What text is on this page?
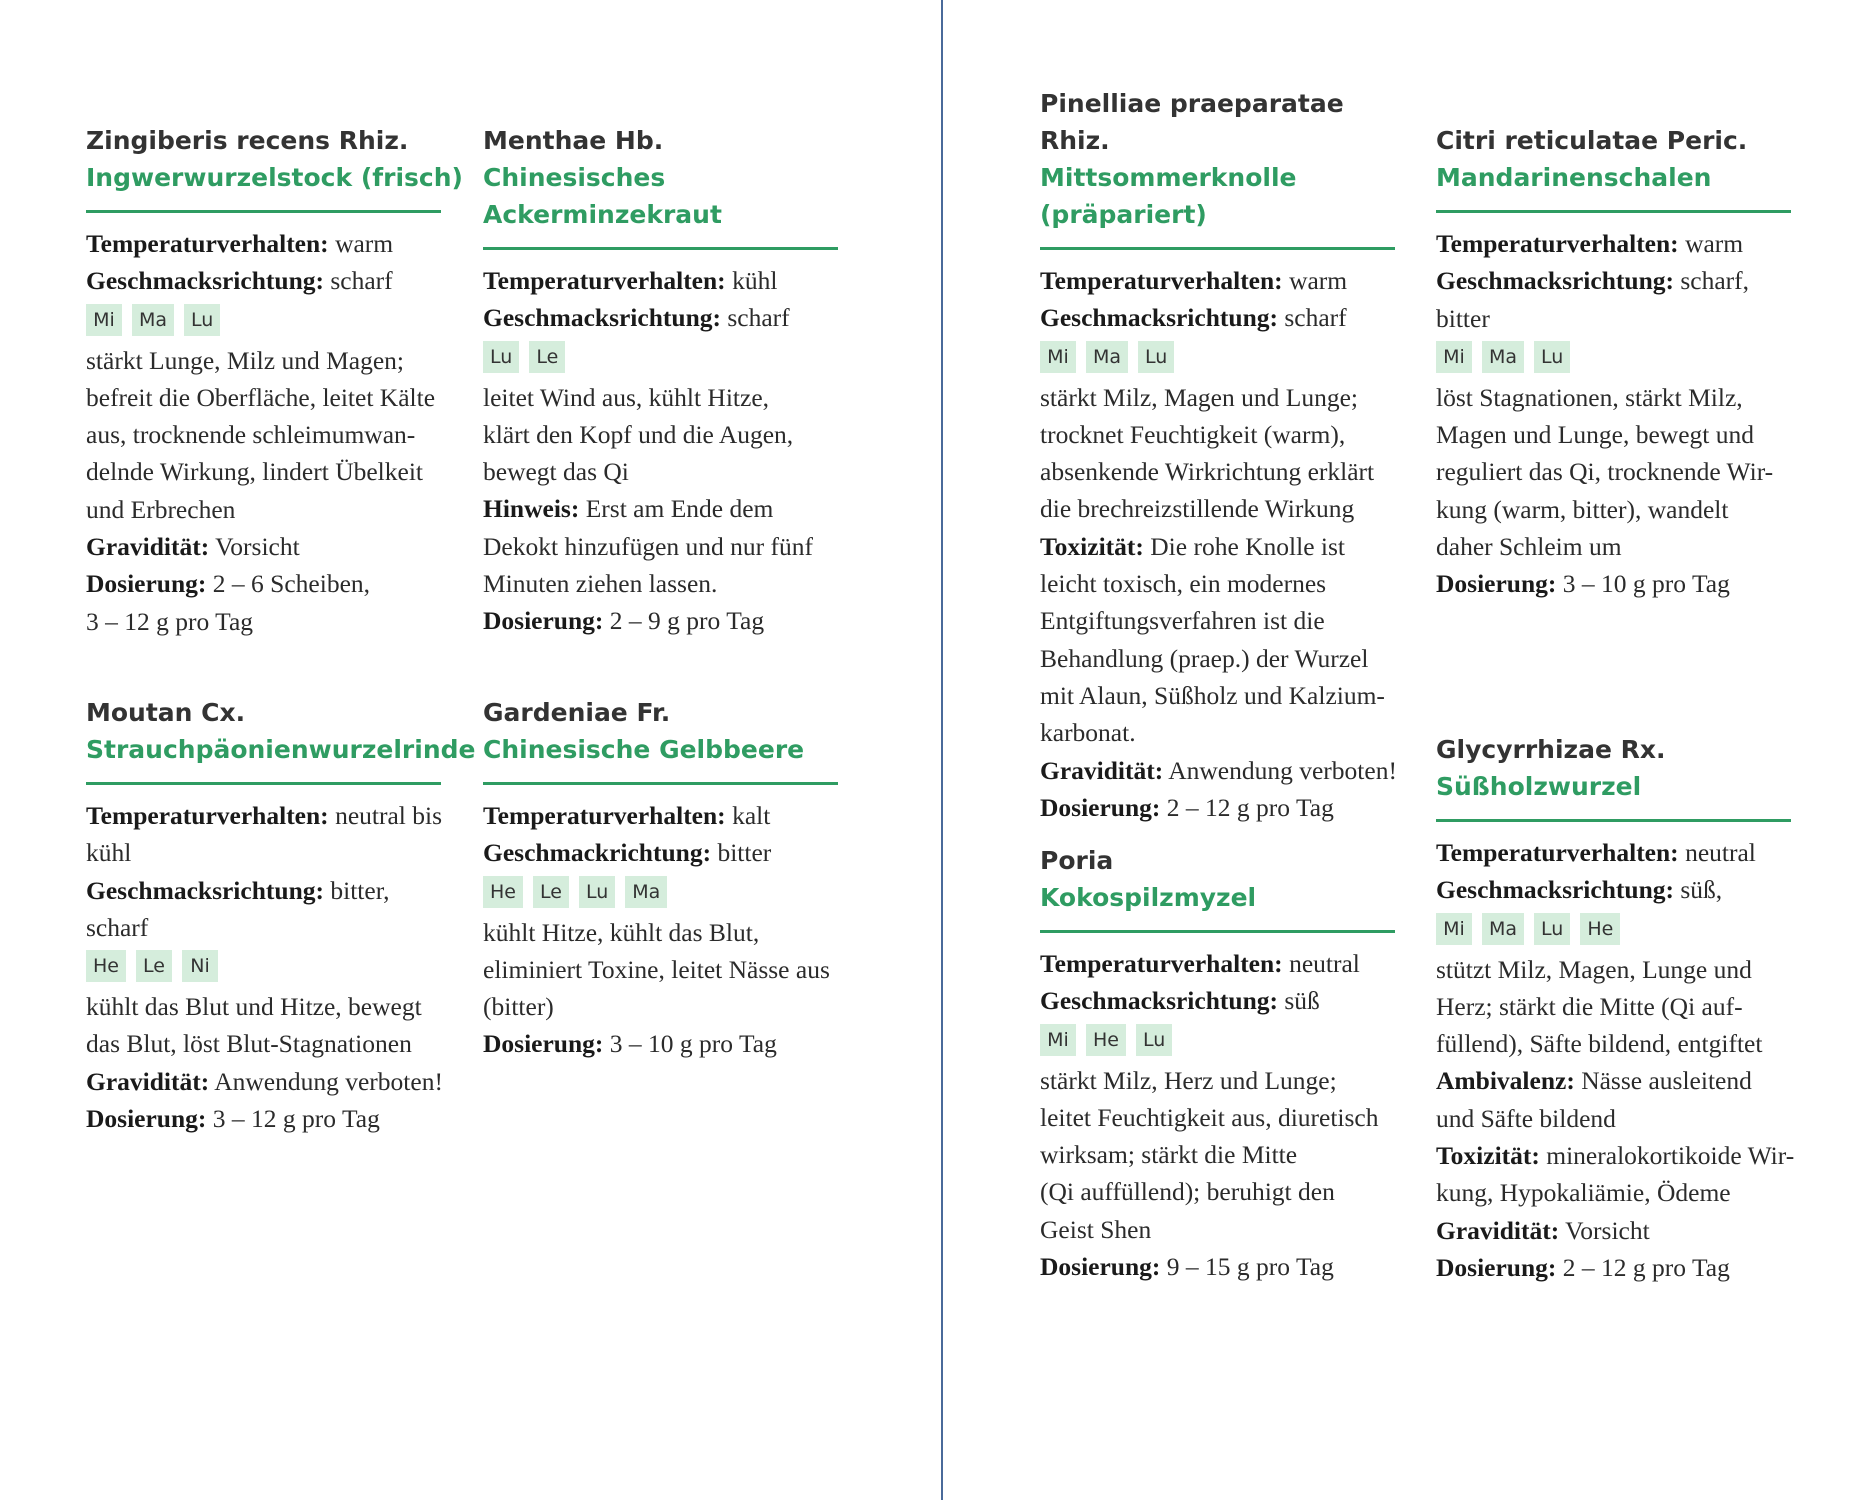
Zingiberis recens Rhiz.
Ingwerwurzelstock (frisch)
Temperaturverhalten: warm
Geschmacksrichtung: scharf
Mi	Ma	Lu
stärkt Lunge, Milz und Magen;
befreit die Oberfläche, leitet Kälte
aus, trocknende schleimumwan-
delnde Wirkung, lindert Übelkeit
und Erbrechen
Gravidität: Vorsicht
Dosierung: 2 – 6 Scheiben,
3 – 12 g pro Tag
Menthae Hb.
Chinesisches Ackerminzekraut
Temperaturverhalten: kühl
Geschmacksrichtung: scharf
Lu	Le
leitet Wind aus, kühlt Hitze,
klärt den Kopf und die Augen,
bewegt das Qi
Hinweis: Erst am Ende dem
Dekokt hinzufügen und nur fünf
Minuten ziehen lassen.
Dosierung: 2 – 9 g pro Tag
Moutan Cx.
Strauchpäonienwurzelrinde
Temperaturverhalten: neutral bis
kühl
Geschmacksrichtung: bitter,
scharf
He	Le	Ni
kühlt das Blut und Hitze, bewegt
das Blut, löst Blut-Stagnationen
Gravidität: Anwendung verboten!
Dosierung: 3 – 12 g pro Tag
Gardeniae Fr.
Chinesische Gelbbeere
Temperaturverhalten: kalt
Geschmackrichtung: bitter
He	Le	Lu	Ma
kühlt Hitze, kühlt das Blut,
eliminiert Toxine, leitet Nässe aus
(bitter)
Dosierung: 3 – 10 g pro Tag
Pinelliae praeparatae Rhiz.
Mittsommerknolle
(präpariert)
Temperaturverhalten: warm
Geschmacksrichtung: scharf
Mi	Ma	Lu
stärkt Milz, Magen und Lunge;
trocknet Feuchtigkeit (warm),
absenkende Wirkrichtung erklärt
die brechreizstillende Wirkung
Toxizität: Die rohe Knolle ist
leicht toxisch, ein modernes
Entgiftungsverfahren ist die
Behandlung (praep.) der Wurzel
mit Alaun, Süßholz und Kalzium-
karbonat.
Gravidität: Anwendung verboten!
Dosierung: 2 – 12 g pro Tag
Citri reticulatae Peric.
Mandarinenschalen
Temperaturverhalten: warm
Geschmacksrichtung: scharf,
bitter
Mi	Ma	Lu
löst Stagnationen, stärkt Milz,
Magen und Lunge, bewegt und
reguliert das Qi, trocknende Wir-
kung (warm, bitter), wandelt
daher Schleim um
Dosierung: 3 – 10 g pro Tag
Poria
Kokospilzmyzel
Temperaturverhalten: neutral
Geschmacksrichtung: süß
Mi	He	Lu
stärkt Milz, Herz und Lunge;
leitet Feuchtigkeit aus, diuretisch
wirksam; stärkt die Mitte
(Qi auffüllend); beruhigt den
Geist Shen
Dosierung: 9 – 15 g pro Tag
Glycyrrhizae Rx.
Süßholzwurzel
Temperaturverhalten: neutral
Geschmacksrichtung: süß,
Mi	Ma	Lu	He
stützt Milz, Magen, Lunge und
Herz; stärkt die Mitte (Qi auf-
füllend), Säfte bildend, entgiftet
Ambivalenz: Nässe ausleitend
und Säfte bildend
Toxizität: mineralokortikoide Wir-
kung, Hypokaliämie, Ödeme
Gravidität: Vorsicht
Dosierung: 2 – 12 g pro Tag
